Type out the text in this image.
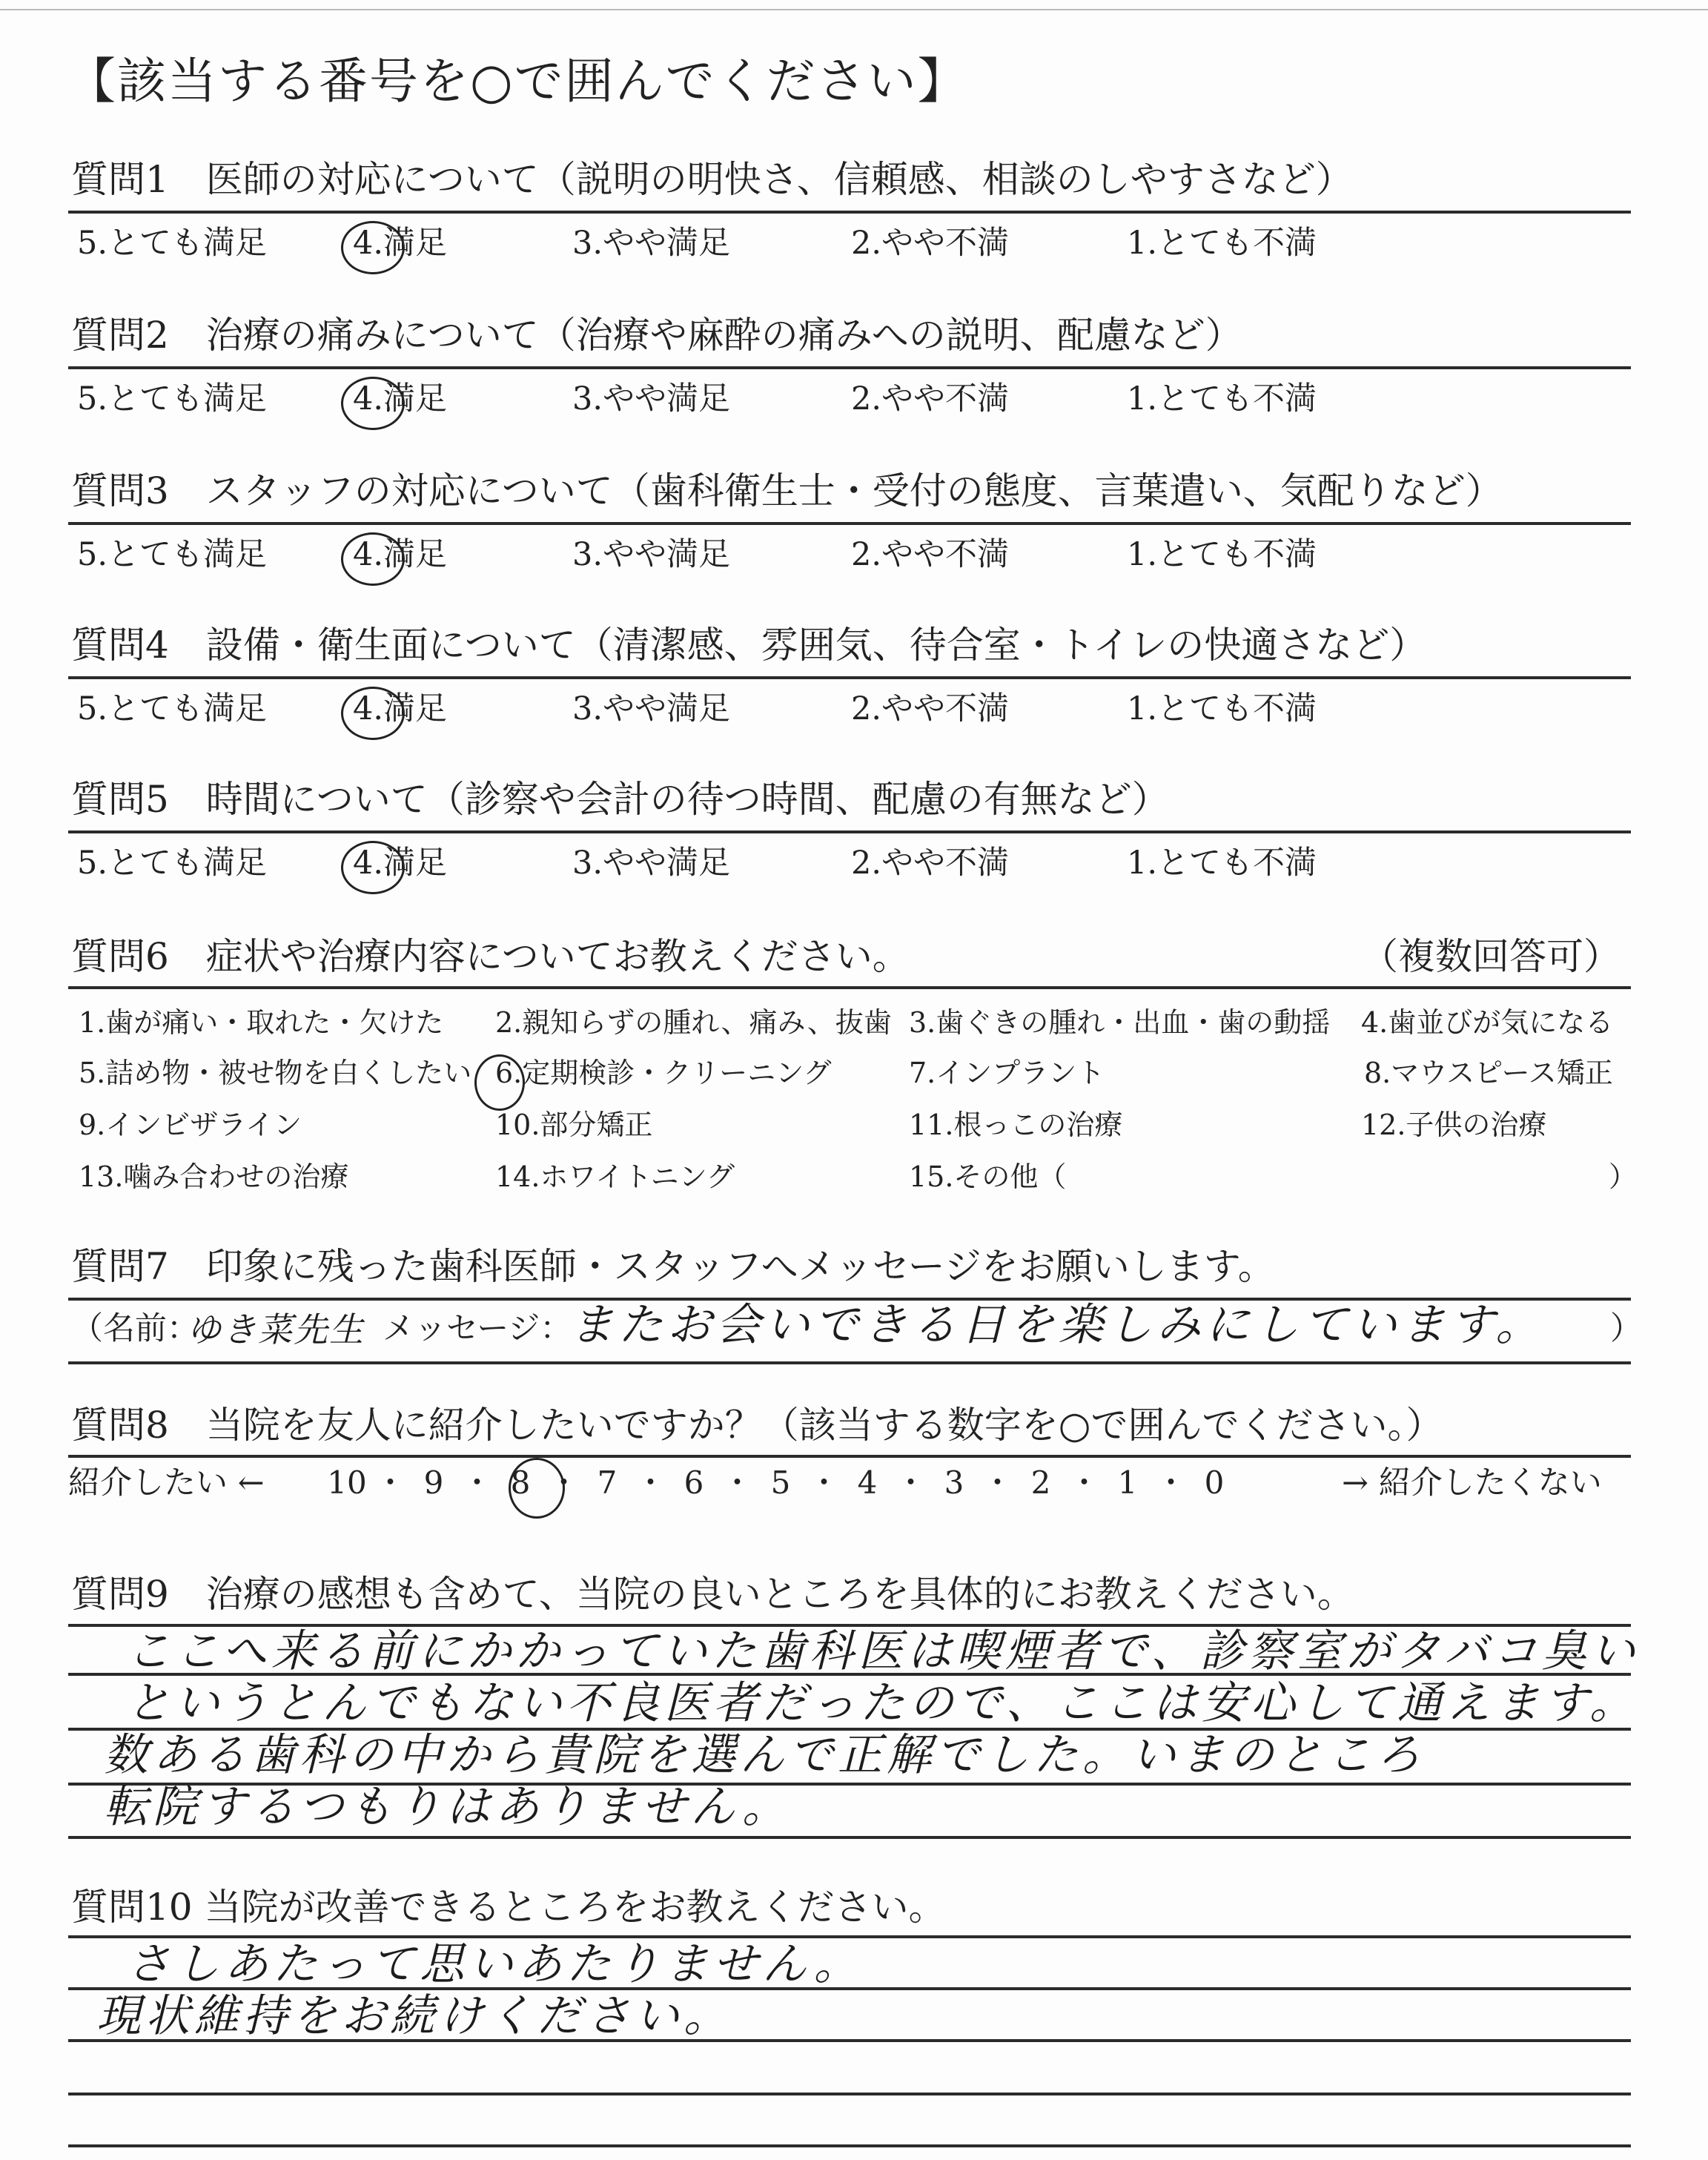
【該当する番号を○で囲んでください】
質問1　医師の対応について（説明の明快さ、信頼感、相談のしやすさなど）
5.とても満足	4.満足	3.やや満足	2.やや不満	1.とても不満
質問2　治療の痛みについて（治療や麻酔の痛みへの説明、配慮など）
5.とても満足	4.満足	3.やや満足	2.やや不満	1.とても不満
質問3　スタッフの対応について（歯科衛生士・受付の態度、言葉遣い、気配りなど）
5.とても満足	4.満足	3.やや満足	2.やや不満	1.とても不満
質問4　設備・衛生面について（清潔感、雰囲気、待合室・トイレの快適さなど）
5.とても満足	4.満足	3.やや満足	2.やや不満	1.とても不満
質問5　時間について（診察や会計の待つ時間、配慮の有無など）
5.とても満足	4.満足	3.やや満足	2.やや不満	1.とても不満
質問6　症状や治療内容についてお教えください。	（複数回答可）
1.歯が痛い・取れた・欠けた 2.親知らずの腫れ、痛み、抜歯 3.歯ぐきの腫れ・出血・歯の動揺 4.歯並びが気になる
5.詰め物・被せ物を白くしたい 6.定期検診・クリーニング	7.インプラント	8.マウスピース矯正
9.インビザライン	10.部分矯正	11.根っこの治療	12.子供の治療
13.噛み合わせの治療	14.ホワイトニング	15.その他（	）
質問7　印象に残った歯科医師・スタッフへメッセージをお願いします。
（名前：
ゆき菜先生 メッセージ：
またお会いできる日を楽しみにしています。 ）
質問8　当院を友人に紹介したいですか？（該当する数字を○で囲んでください。）
紹介したい ← 10 ・ 9 ・ 8 ・ 7 ・ 6 ・ 5 ・ 4 ・ 3 ・ 2 ・ 1 ・ 0	→ 紹介したくない
質問9　治療の感想も含めて、当院の良いところを具体的にお教えください。
ここへ来る前にかかっていた歯科医は喫煙者で、診察室がタバコ臭い
というとんでもない不良医者だったので、ここは安心して通えます。
数ある歯科の中から貴院を選んで正解でした。いまのところ
転院するつもりはありません。
質問10 当院が改善できるところをお教えください。
さしあたって思いあたりません。
現状維持をお続けください。
